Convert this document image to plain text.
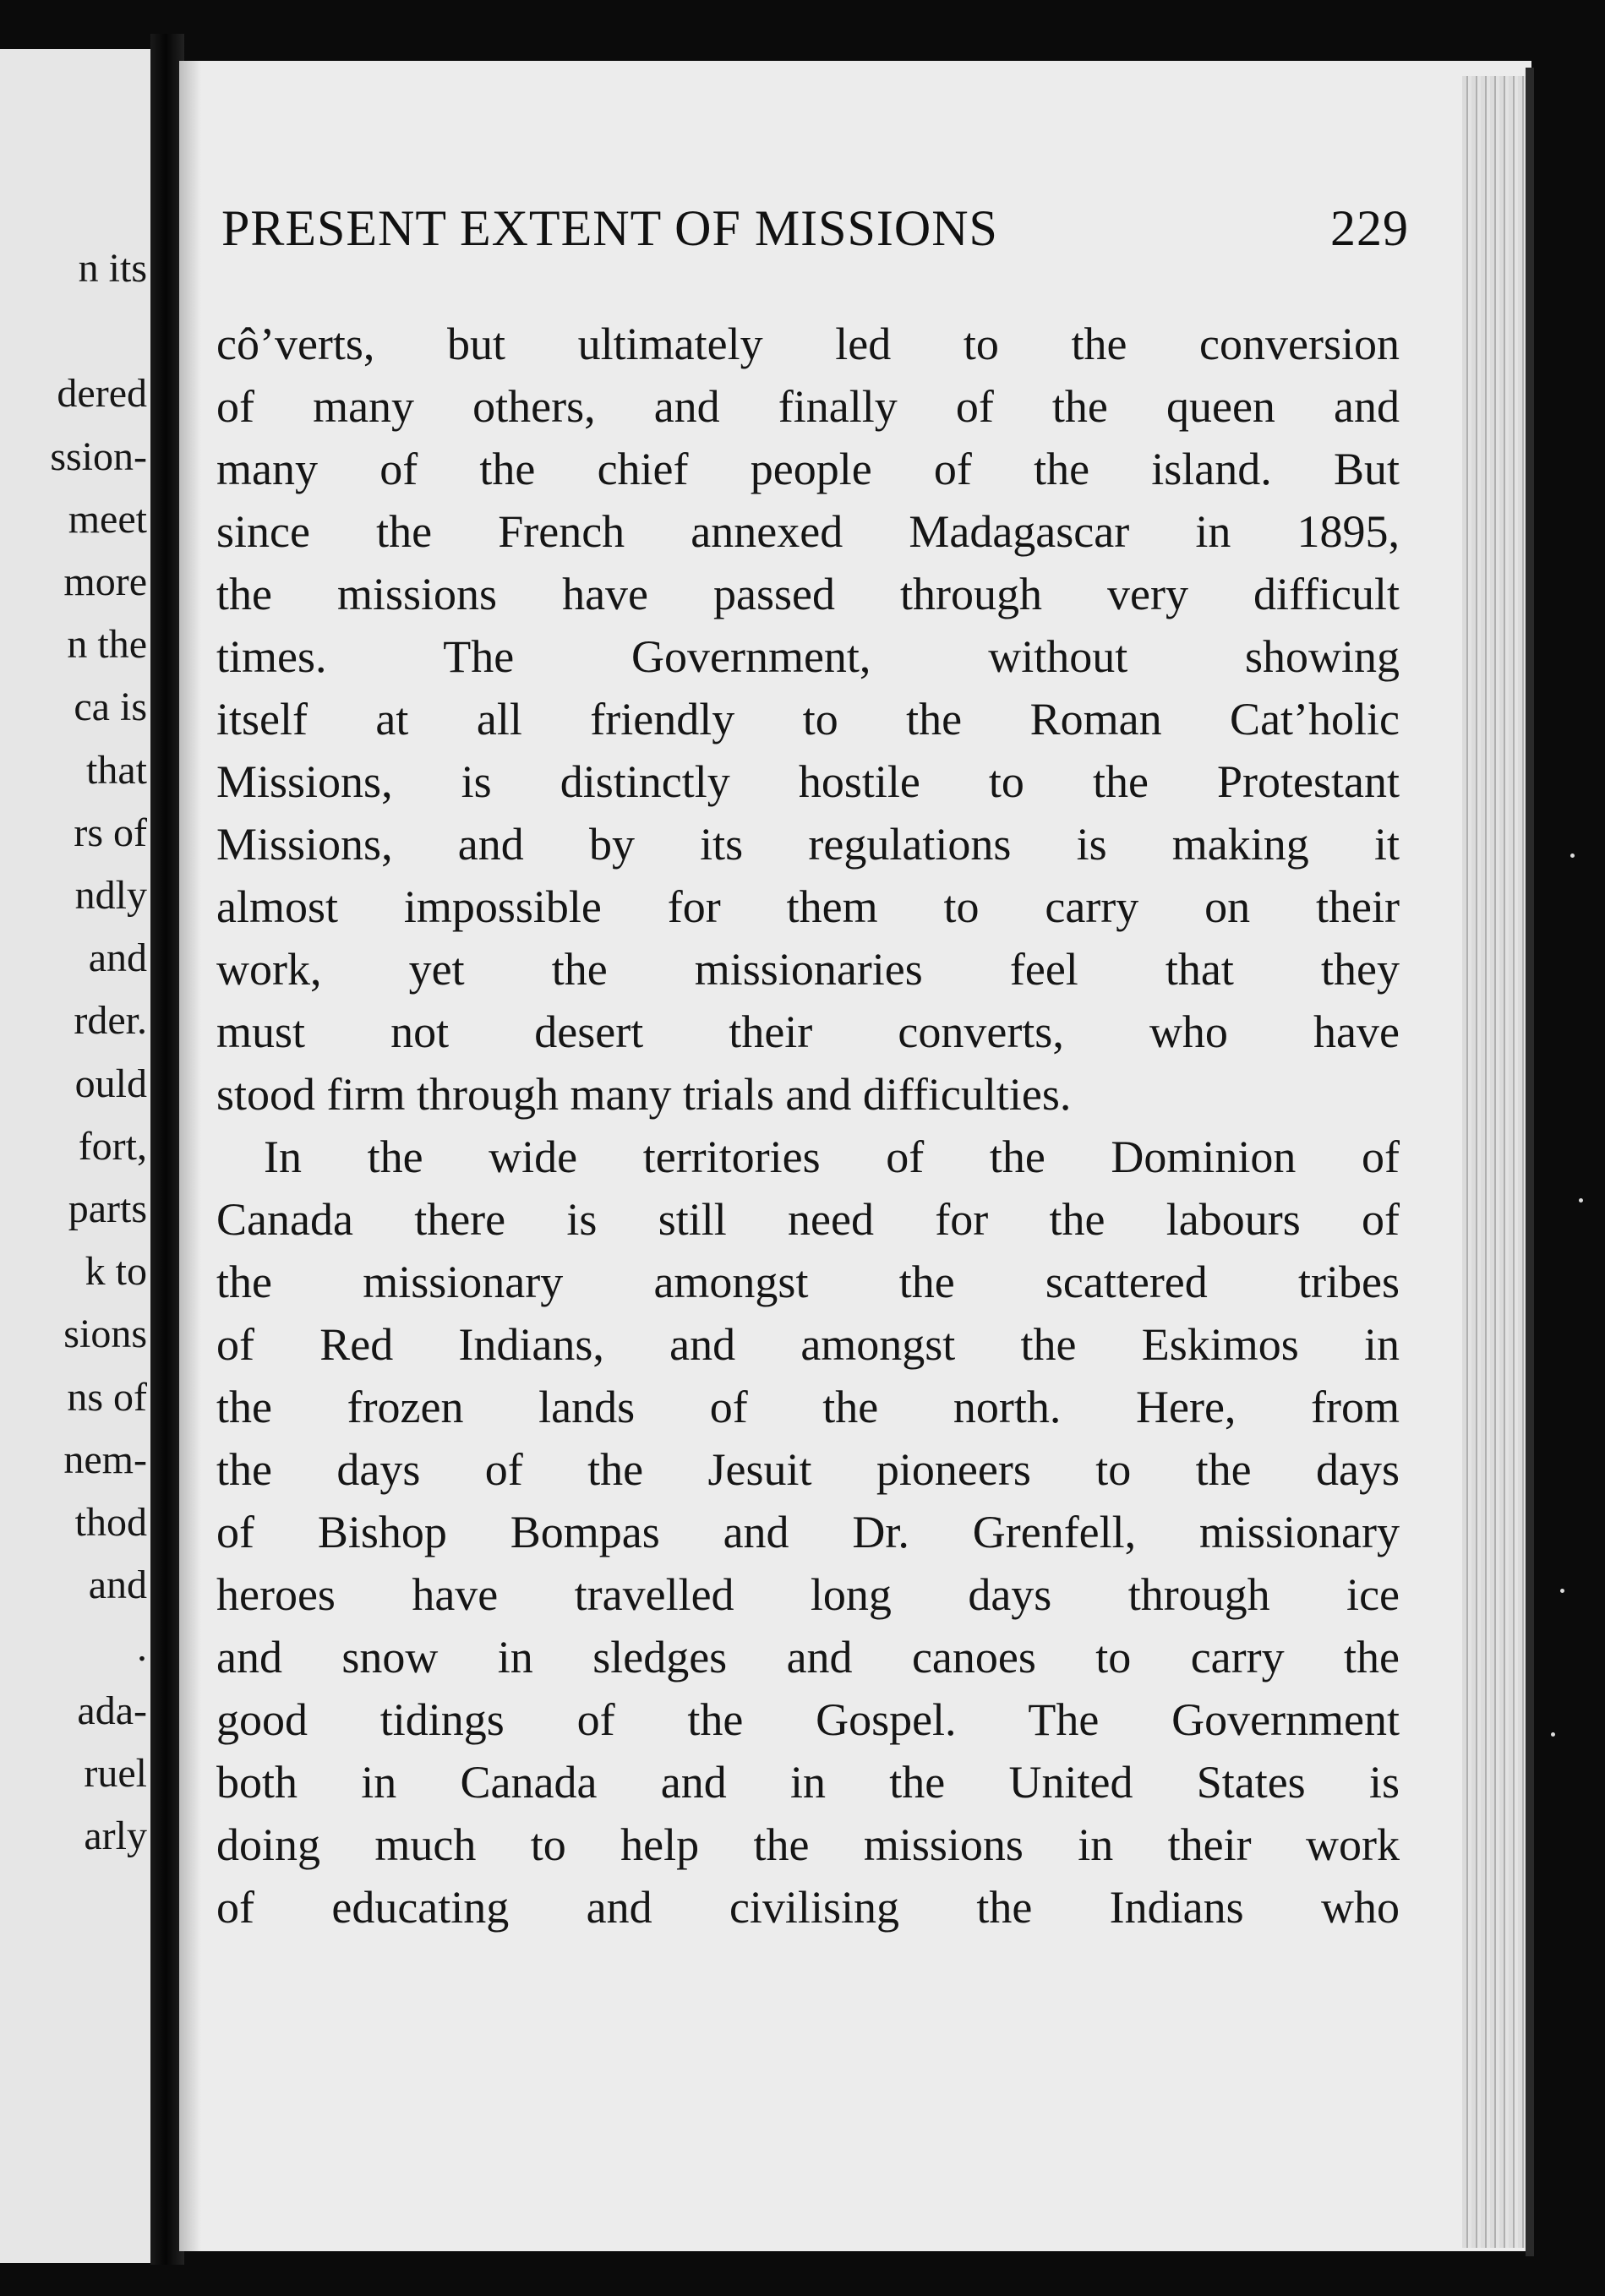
n its
dered
ssion-
meet
more
n the
ca is
that
rs of
ndly
and
rder.
ould
fort,
parts
k to
sions
ns of
nem-
thod
and
.
ada-
ruel
arly
PRESENT EXTENT OF MISSIONS	229
cô’verts, but ultimately led to the conversion
of many others, and finally of the queen and
many of the chief people of the island. But
since the French annexed Madagascar in 1895,
the missions have passed through very difficult
times. The Government, without showing
itself at all friendly to the Roman Cat’holic
Missions, is distinctly hostile to the Protestant
Missions, and by its regulations is making it
almost impossible for them to carry on their
work, yet the missionaries feel that they
must not desert their converts, who have
stood firm through many trials and difficulties.
In the wide territories of the Dominion of
Canada there is still need for the labours of
the missionary amongst the scattered tribes
of Red Indians, and amongst the Eskimos in
the frozen lands of the north. Here, from
the days of the Jesuit pioneers to the days
of Bishop Bompas and Dr. Grenfell, missionary
heroes have travelled long days through ice
and snow in sledges and canoes to carry the
good tidings of the Gospel. The Government
both in Canada and in the United States is
doing much to help the missions in their work
of educating and civilising the Indians who
